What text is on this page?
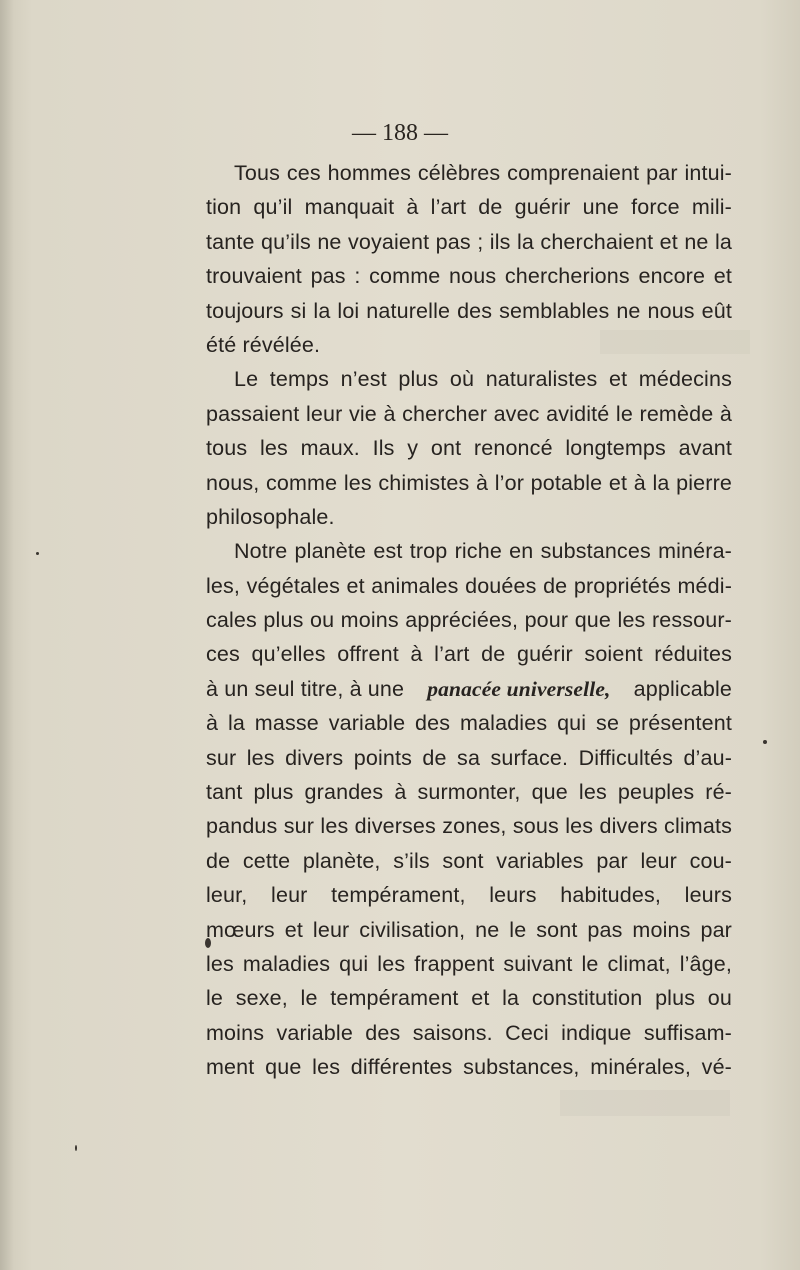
— 188 —
Tous ces hommes célèbres comprenaient par intui-
tion qu’il manquait à l’art de guérir une force mili-
tante qu’ils ne voyaient pas ; ils la cherchaient et ne la
trouvaient pas : comme nous chercherions encore et
toujours si la loi naturelle des semblables ne nous eût
été révélée.
Le temps n’est plus où naturalistes et médecins
passaient leur vie à chercher avec avidité le remède à
tous les maux. Ils y ont renoncé longtemps avant
nous, comme les chimistes à l’or potable et à la pierre
philosophale.
Notre planète est trop riche en substances minéra-
les, végétales et animales douées de propriétés médi-
cales plus ou moins appréciées, pour que les ressour-
ces qu’elles offrent à l’art de guérir soient réduites
à un seul titre, à une panacée universelle, applicable
à la masse variable des maladies qui se présentent
sur les divers points de sa surface. Difficultés d’au-
tant plus grandes à surmonter, que les peuples ré-
pandus sur les diverses zones, sous les divers climats
de cette planète, s’ils sont variables par leur cou-
leur, leur tempérament, leurs habitudes, leurs
mœurs et leur civilisation, ne le sont pas moins par
les maladies qui les frappent suivant le climat, l’âge,
le sexe, le tempérament et la constitution plus ou
moins variable des saisons. Ceci indique suffisam-
ment que les différentes substances, minérales, vé-
